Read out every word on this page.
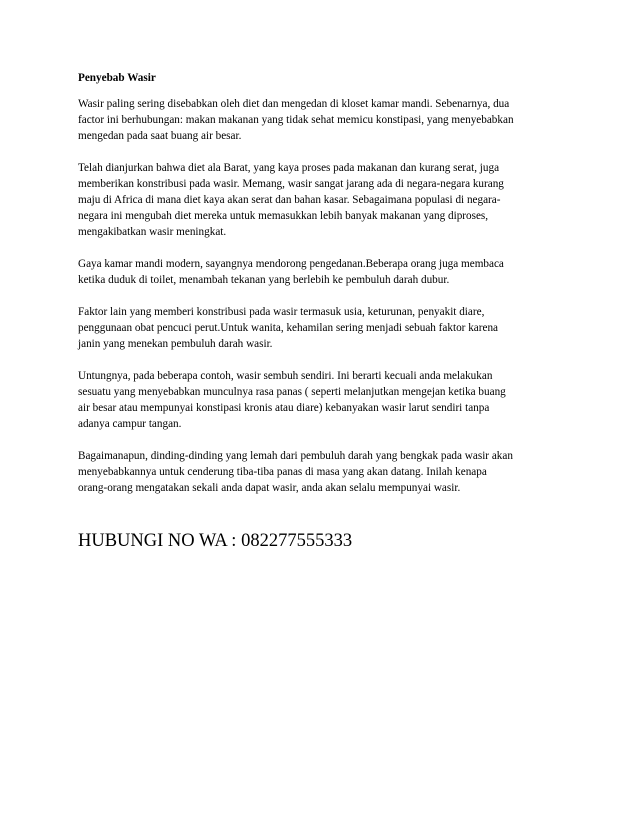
Penyebab Wasir
Wasir paling sering disebabkan oleh diet dan mengedan di kloset kamar mandi. Sebenarnya, dua
factor ini berhubungan: makan makanan yang tidak sehat memicu konstipasi, yang menyebabkan
mengedan pada saat buang air besar.
Telah dianjurkan bahwa diet ala Barat, yang kaya proses pada makanan dan kurang serat, juga
memberikan konstribusi pada wasir. Memang, wasir sangat jarang ada di negara-negara kurang
maju di Africa di mana diet kaya akan serat dan bahan kasar. Sebagaimana populasi di negara-
negara ini mengubah diet mereka untuk memasukkan lebih banyak makanan yang diproses,
mengakibatkan wasir meningkat.
Gaya kamar mandi modern, sayangnya mendorong pengedanan.Beberapa orang juga membaca
ketika duduk di toilet, menambah tekanan yang berlebih ke pembuluh darah dubur.
Faktor lain yang memberi konstribusi pada wasir termasuk usia, keturunan, penyakit diare,
penggunaan obat pencuci perut.Untuk wanita, kehamilan sering menjadi sebuah faktor karena
janin yang menekan pembuluh darah wasir.
Untungnya, pada beberapa contoh, wasir sembuh sendiri. Ini berarti kecuali anda melakukan
sesuatu yang menyebabkan munculnya rasa panas ( seperti melanjutkan mengejan ketika buang
air besar atau mempunyai konstipasi kronis atau diare) kebanyakan wasir larut sendiri tanpa
adanya campur tangan.
Bagaimanapun, dinding-dinding yang lemah dari pembuluh darah yang bengkak pada wasir akan
menyebabkannya untuk cenderung tiba-tiba panas di masa yang akan datang. Inilah kenapa
orang-orang mengatakan sekali anda dapat wasir, anda akan selalu mempunyai wasir.
HUBUNGI NO WA : 082277555333
